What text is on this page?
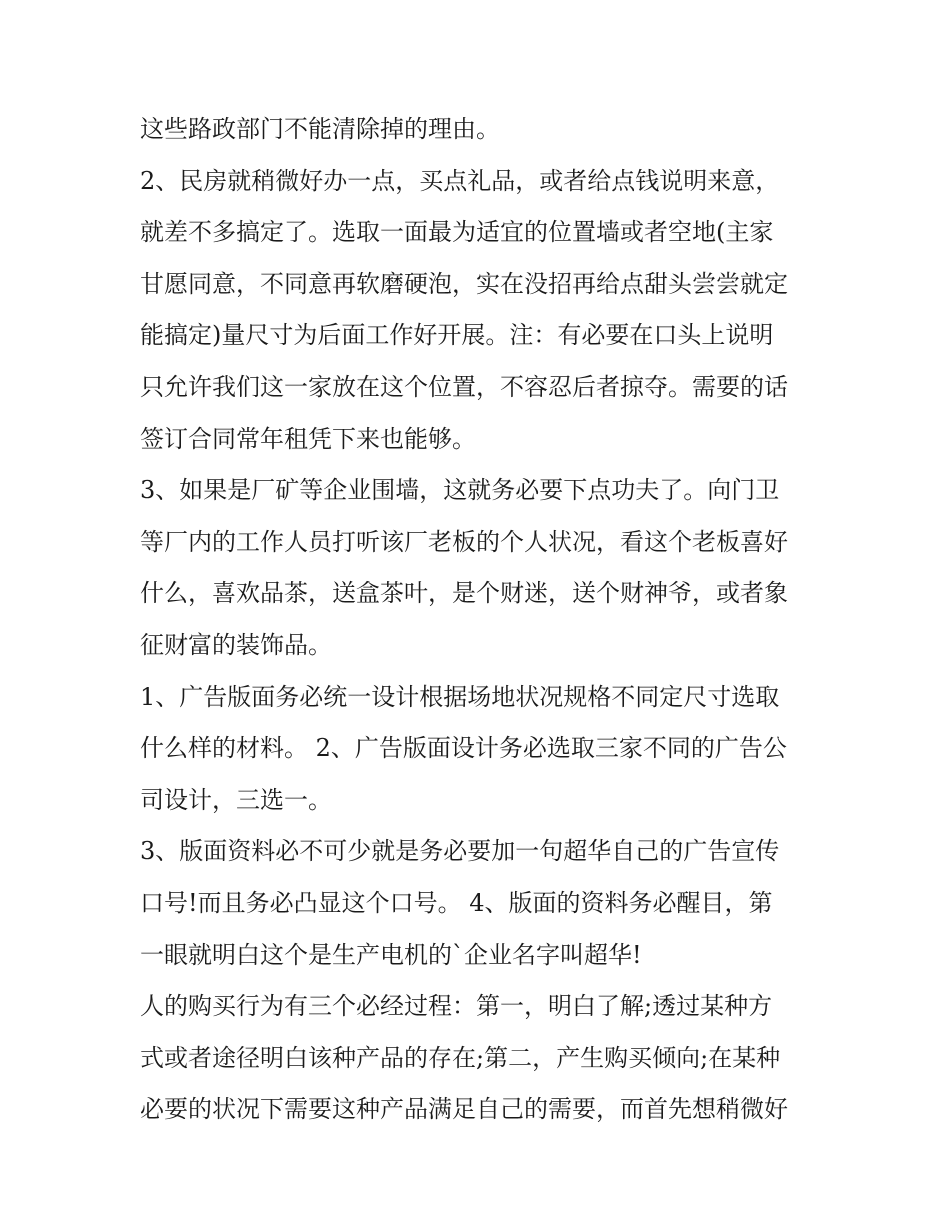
这些路政部门不能清除掉的理由。
2、民房就稍微好办一点，买点礼品，或者给点钱说明来意，
就差不多搞定了。选取一面最为适宜的位置墙或者空地(主家
甘愿同意，不同意再软磨硬泡，实在没招再给点甜头尝尝就定
能搞定)量尺寸为后面工作好开展。注：有必要在口头上说明
只允许我们这一家放在这个位置，不容忍后者掠夺。需要的话
签订合同常年租凭下来也能够。
3、如果是厂矿等企业围墙，这就务必要下点功夫了。向门卫
等厂内的工作人员打听该厂老板的个人状况，看这个老板喜好
什么，喜欢品茶，送盒茶叶，是个财迷，送个财神爷，或者象
征财富的装饰品。
1、广告版面务必统一设计根据场地状况规格不同定尺寸选取
什么样的材料。 2、广告版面设计务必选取三家不同的广告公
司设计，三选一。
3、版面资料必不可少就是务必要加一句超华自己的广告宣传
口号!而且务必凸显这个口号。 4、版面的资料务必醒目，第
一眼就明白这个是生产电机的`企业名字叫超华!
人的购买行为有三个必经过程：第一，明白了解;透过某种方
式或者途径明白该种产品的存在;第二，产生购买倾向;在某种
必要的状况下需要这种产品满足自己的需要，而首先想稍微好
